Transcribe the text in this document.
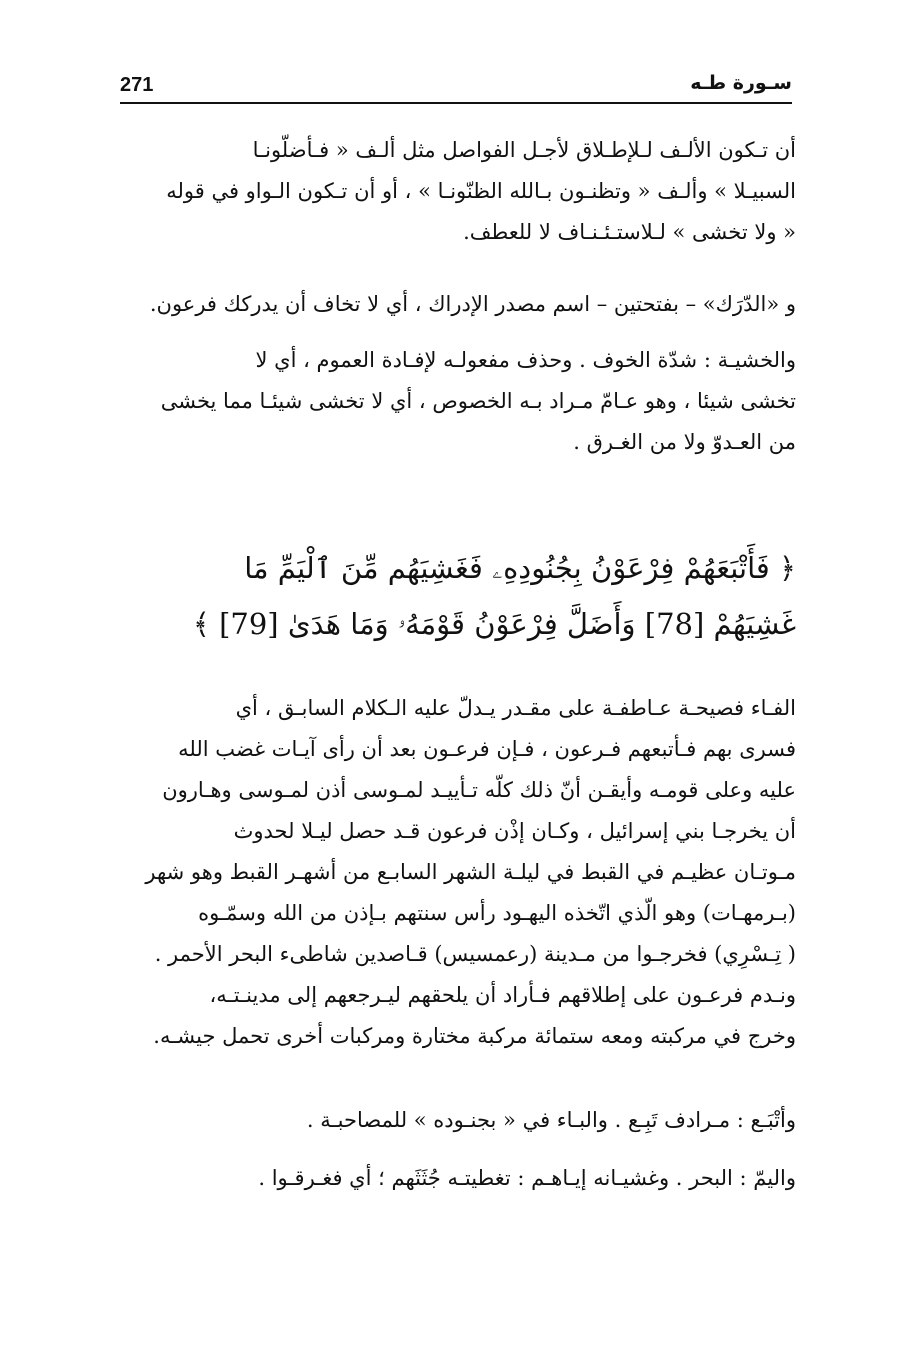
271	سـورة طـه

أن تـكون الألـف لـلإطـلاق لأجـل الفواصل مثل ألـف « فـأضلّونـا
السبيـلا » وألـف « وتظنـون بـالله الظنّونـا » ، أو أن تـكون الـواو في قوله
« ولا تخشى » لـلاستـئـنـاف لا للعطف.

و «الدّرَك» – بفتحتين – اسم مصدر الإدراك ، أي لا تخاف أن يدركك فرعون.

والخشيـة : شدّة الخوف . وحذف مفعولـه لإفـادة العموم ، أي لا
تخشى شيئا ، وهو عـامّ مـراد بـه الخصوص ، أي لا تخشى شيئـا مما يخشى
من العـدوّ ولا من الغـرق .

﴿ فَأَتْبَعَهُمْ فِرْعَوْنُ بِجُنُودِهِۦ فَغَشِيَهُم مِّنَ ٱلْيَمِّ مَا
غَشِيَهُمْ [78] وَأَضَلَّ فِرْعَوْنُ قَوْمَهُۥ وَمَا هَدَىٰ [79] ﴾

الفـاء فصيحـة عـاطفـة على مقـدر يـدلّ عليه الـكلام السابـق ، أي
فسرى بهم فـأتبعهم فـرعون ، فـإن فرعـون بعد أن رأى آيـات غضب الله
عليه وعلى قومـه وأيقـن أنّ ذلك كلّه تـأييـد لمـوسى أذن لمـوسى وهـارون
أن يخرجـا بني إسرائيل ، وكـان إذْن فرعون قـد حصل ليـلا لحدوث
مـوتـان عظيـم في القبط في ليلـة الشهر السابـع من أشهـر القبط وهو شهر
(بـرمهـات) وهو الّذي اتّخذه اليهـود رأس سنتهم بـإذن من الله وسمّـوه
( تِـسْرِي) فخرجـوا من مـدينة (رعمسيس) قـاصدين شاطىء البحر الأحمر .
ونـدم فرعـون على إطلاقهم فـأراد أن يلحقهم ليـرجعهم إلى مدينـتـه،
وخرج في مركبته ومعه ستمائة مركبة مختارة ومركبات أخرى تحمل جيشـه.

وأتْبَـع : مـرادف تَبِـع . والبـاء في « بجنـوده » للمصاحبـة .

واليمّ : البحر . وغشيـانه إيـاهـم : تغطيتـه جُثَثَهم ؛ أي فغـرقـوا .
